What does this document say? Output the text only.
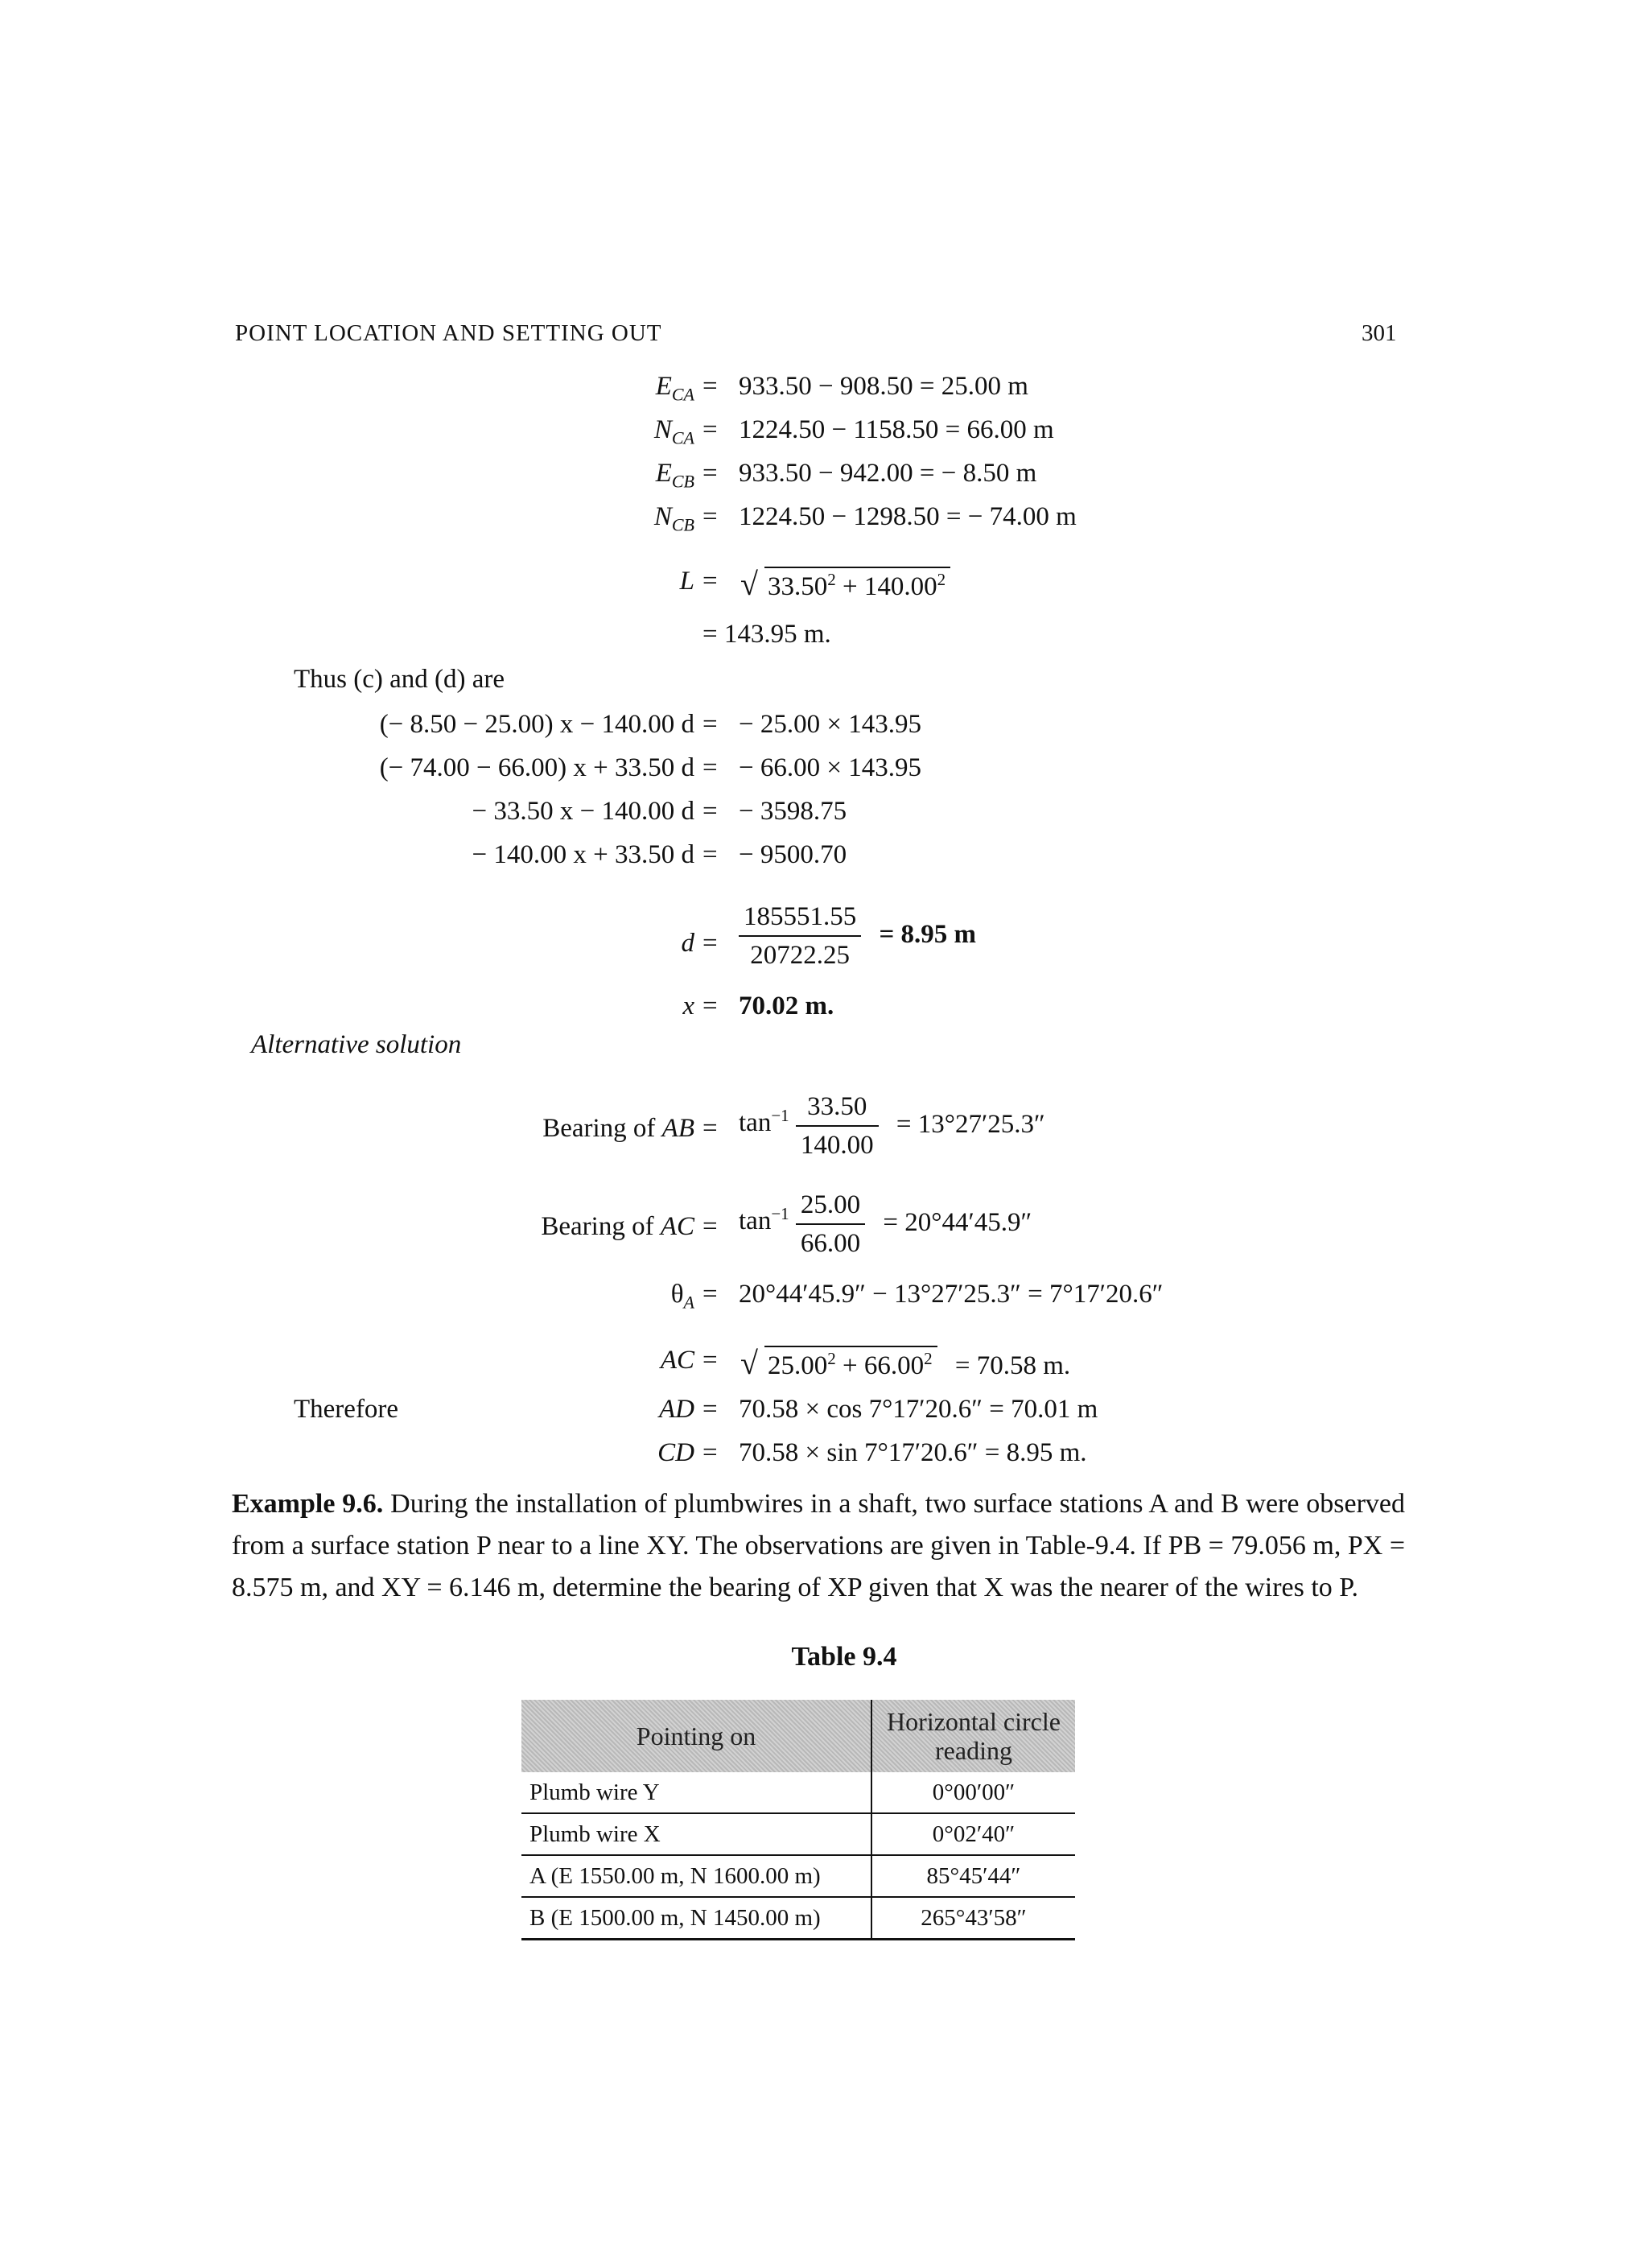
POINT LOCATION AND SETTING OUT	301
$E_{CA} = 933.50 - 908.50 = 25.00$ m
$N_{CA} = 1224.50 - 1158.50 = 66.00$ m
$E_{CB} = 933.50 - 942.00$ = − 8.50 m
$N_{CB} = 1224.50 - 1298.50$ = − 74.00 m
L = √ $33.50^2 + 140.00^2$
= 143.95 m.
Thus (c) and (d) are
(− 8.50 − 25.00) x − 140.00 d = − 25.00 × 143.95
(− 74.00 − 66.00) x + 33.50 d = − 66.00 × 143.95
− 33.50 x − 140.00 d = − 3598.75
− 140.00 x + 33.50 d = − 9500.70
$d = \frac{185551.55}{20722.25} = 8.95$ m
x = 70.02 m.
Alternative solution
Bearing of AB = $\tan^{-1} \frac{33.50}{140.00} = 13^\circ 27'25.3''$
Bearing of AC = $\tan^{-1} \frac{25.00}{66.00} = 20^\circ 44'45.9''$
$\theta_A = 20^\circ 44'45.9'' - 13^\circ 27'25.3'' = 7^\circ 17'20.6''$
AC = √ $25.00^2 + 66.00^2 = 70.58$ m.
Therefore	AD = 70.58 × cos 7°17′20.6″ = 70.01 m
CD = 70.58 × sin 7°17′20.6″ = 8.95 m.
Example 9.6. During the installation of plumbwires in a shaft, two surface stations A and B were observed from a surface station P near to a line XY. The observations are given in Table-9.4. If PB = 79.056 m, PX = 8.575 m, and XY = 6.146 m, determine the bearing of XP given that X was the nearer of the wires to P.
Table 9.4
Pointing on	Horizontal circle reading
Plumb wire Y	0°00′00″
Plumb wire X	0°02′40″
A (E 1550.00 m, N 1600.00 m)	85°45′44″
B (E 1500.00 m, N 1450.00 m)	265°43′58″
